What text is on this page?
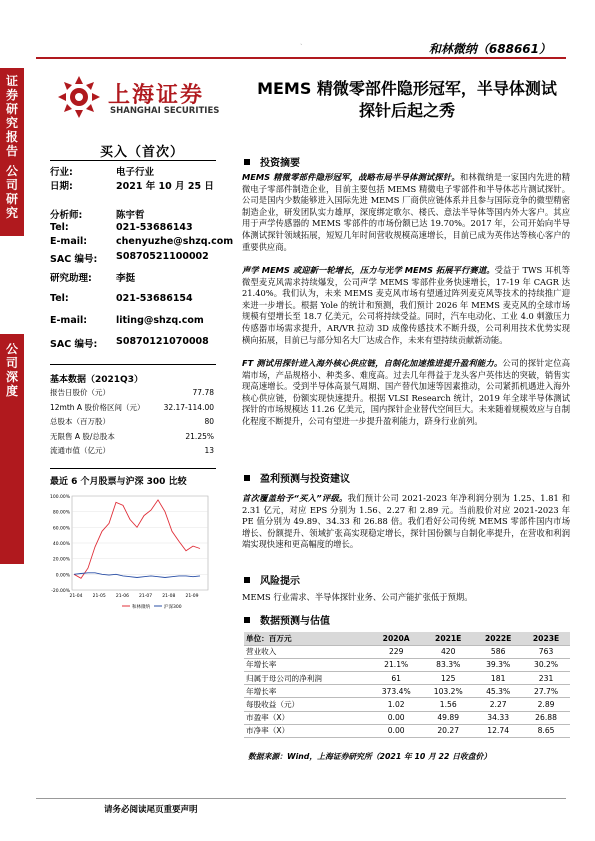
`	和林微纳（688661）
证券研究报告
公司研究
公司深度
上海证券
SHANGHAI SECURITIES
MEMS 精微零部件隐形冠军，半导体测试
探针后起之秀
买入（首次）
行业:	电子行业
日期:	2021 年 10 月 25 日
分析师:	陈宇哲
Tel:	021-53686143
E-mail:	chenyuzhe@shzq.com
SAC 编号: S0870521100002
研究助理:	李挺
Tel:	021-53686154
E-mail:	liting@shzq.com
SAC 编号: S0870121070008
基本数据（2021Q3）
报告日股价（元）	77.78
12mth A 股价格区间（元）	32.17-114.00
总股本（百万股）	80
无限售 A 股/总股本	21.25%
流通市值（亿元）	13
最近 6 个月股票与沪深 300 比较
100.00%
80.00%
60.00%
40.00%
20.00%
0.00%
-20.00%
21-04 21-05 21-06 21-07 21-08 21-09
和林微纳	沪深300
投资摘要
MEMS 精微零部件隐形冠军，战略布局半导体测试探针。和林微纳是一家国内先进的精微电子零部件制造企业，目前主要包括 MEMS 精微电子零部件和半导体芯片测试探针。公司是国内少数能够进入国际先进 MEMS 厂商供应链体系并且参与国际竞争的微型精密制造企业，研发团队实力雄厚，深度绑定歌尔、楼氏、意法半导体等国内外大客户。其应用于声学传感器的 MEMS 零部件的市场份额已达 19.70%。2017 年，公司开始向半导体测试探针领域拓展，短短几年时间营收规模高速增长，目前已成为英伟达等核心客户的重要供应商。
声学 MEMS 或迎新一轮增长，压力与光学 MEMS 拓展平行赛道。受益于 TWS 耳机等微型麦克风需求持续爆发，公司声学 MEMS 零部件业务快速增长，17-19 年 CAGR 达 21.40%。我们认为，未来 MEMS 麦克风市场有望通过阵列麦克风等技术的持续推广迎来进一步增长。根据 Yole 的统计和预测，我们预计 2026 年 MEMS 麦克风的全球市场规模有望增长至 18.7 亿美元，公司将持续受益。同时，汽车电动化、工业 4.0 刺激压力传感器市场需求提升，AR/VR 拉动 3D 成像传感技术不断升级，公司利用技术优势实现横向拓展，目前已与部分知名大厂达成合作，未来有望持续贡献新动能。
FT 测试用探针进入海外核心供应链，自制化加速推进提升盈利能力。公司的探针定位高端市场，产品规格小、种类多、难度高。过去几年得益于龙头客户英伟达的突破，销售实现高速增长。受到半导体高景气周期、国产替代加速等因素推动，公司紧抓机遇进入海外核心供应链，份额实现快速提升。根据 VLSI Research 统计，2019 年全球半导体测试探针的市场规模达 11.26 亿美元，国内探针企业替代空间巨大。未来随着规模效应与自制化程度不断提升，公司有望进一步提升盈利能力，跻身行业前列。
盈利预测与投资建议
首次覆盖给予“买入”评级。我们预计公司 2021-2023 年净利润分别为 1.25、1.81 和 2.31 亿元，对应 EPS 分别为 1.56、2.27 和 2.89 元。当前股价对应 2021-2023 年 PE 值分别为 49.89、34.33 和 26.88 倍。我们看好公司传统 MEMS 零部件国内市场增长、份额提升、领域扩张高实现稳定增长，探针国份额与自制化率提升，在营收和利润端实现快速和更高幅度的增长。
风险提示
MEMS 行业需求、半导体探针业务、公司产能扩张低于预期。
数据预测与估值
单位：百万元	2020A	2021E	2022E	2023E
营业收入	229	420	586	763
年增长率	21.1%	83.3%	39.3%	30.2%
归属于母公司的净利润	61	125	181	231
年增长率	373.4%	103.2%	45.3%	27.7%
每股收益（元）	1.02	1.56	2.27	2.89
市盈率（X）	0.00	49.89	34.33	26.88
市净率（X）	0.00	20.27	12.74	8.65
数据来源：Wind，上海证券研究所（2021 年 10 月 22 日收盘价）
请务必阅读尾页重要声明
